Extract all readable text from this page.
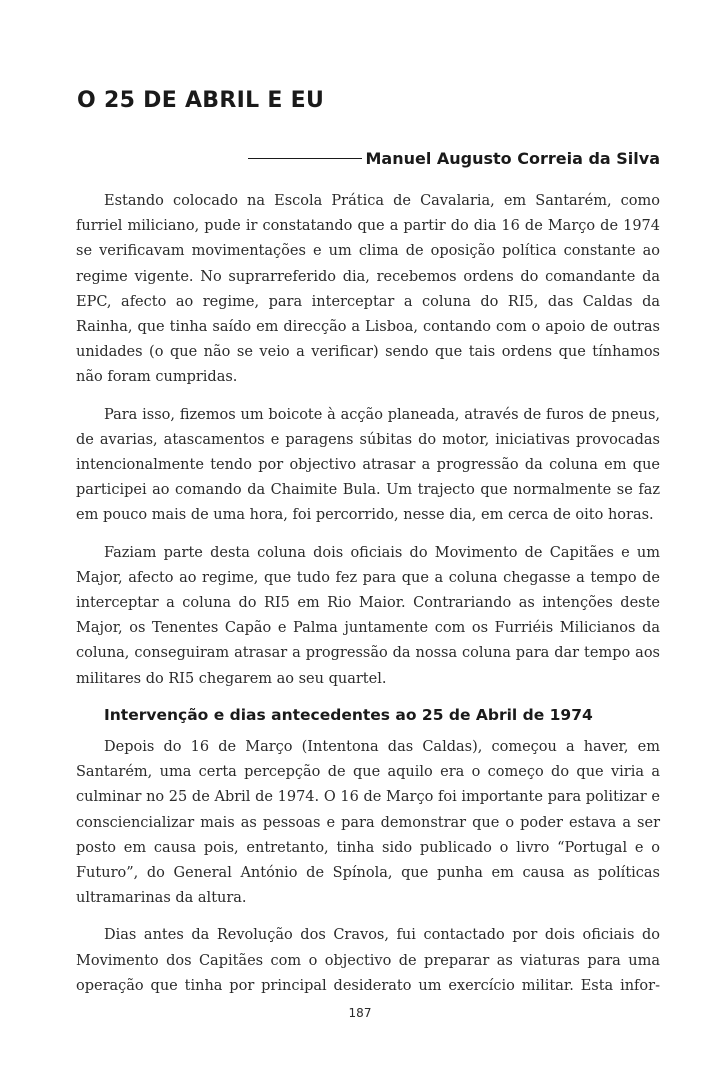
O 25 DE ABRIL E EU
Manuel Augusto Correia da Silva

Estando colocado na Escola Prática de Cavalaria, em Santarém, como furriel miliciano, pude ir constatando que a partir do dia 16 de Março de 1974 se verificavam movimentações e um clima de oposição política constante ao regime vigente. No suprarreferido dia, recebemos ordens do comandante da EPC, afecto ao regime, para interceptar a coluna do RI5, das Caldas da Rainha, que tinha saído em direcção a Lisboa, contando com o apoio de outras unidades (o que não se veio a verificar) sendo que tais ordens que tínhamos não foram cumpridas.

Para isso, fizemos um boicote à acção planeada, através de furos de pneus, de avarias, atascamentos e paragens súbitas do motor, iniciativas provocadas intencionalmente tendo por objectivo atrasar a progressão da coluna em que participei ao comando da Chaimite Bula. Um trajecto que normalmente se faz em pouco mais de uma hora, foi percorrido, nesse dia, em cerca de oito horas.

Faziam parte desta coluna dois oficiais do Movimento de Capitães e um Major, afecto ao regime, que tudo fez para que a coluna chegasse a tempo de interceptar a coluna do RI5 em Rio Maior. Contrariando as intenções deste Major, os Tenentes Capão e Palma juntamente com os Furriéis Milicianos da coluna, conseguiram atrasar a progressão da nossa coluna para dar tempo aos militares do RI5 chegarem ao seu quartel.

Intervenção e dias antecedentes ao 25 de Abril de 1974

Depois do 16 de Março (Intentona das Caldas), começou a haver, em Santarém, uma certa percepção de que aquilo era o começo do que viria a culminar no 25 de Abril de 1974. O 16 de Março foi importante para politizar e consciencializar mais as pessoas e para demonstrar que o poder estava a ser posto em causa pois, entretanto, tinha sido publicado o livro “Portugal e o Futuro”, do General António de Spínola, que punha em causa as políticas ultramarinas da altura.

Dias antes da Revolução dos Cravos, fui contactado por dois oficiais do Movimento dos Capitães com o objectivo de preparar as viaturas para uma operação que tinha por principal desiderato um exercício militar. Esta infor-

187
